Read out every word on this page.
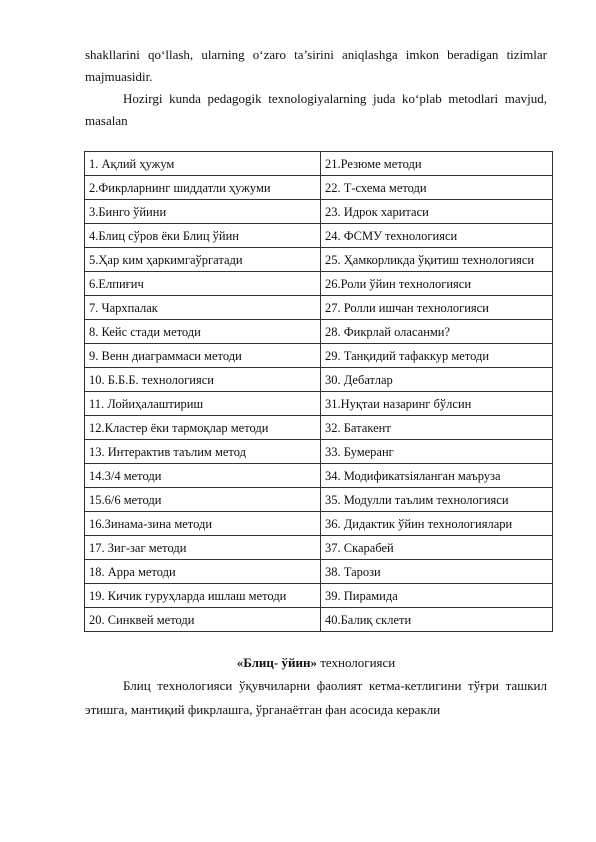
shakllarini qo‘llash, ularning o‘zaro ta’sirini aniqlashga imkon beradigan tizimlar majmuasidir.

Hozirgi kunda pedagogik texnologiyalarning juda ko‘plab metodlari mavjud, masalan

1. Ақлий ҳужум	21.Резюме методи
2.Фикрларнинг шиддатли ҳужуми	22. Т-схема методи
3.Бинго ўйини	23. Идрок харитаси
4.Блиц сўров ёки Блиц ўйин	24. ФСМУ технологияси
5.Ҳар ким ҳаркимгаўргатади	25. Ҳамкорликда ўқитиш технологияси
6.Елпиғич	26.Роли ўйин технологияси
7. Чархпалак	27. Ролли ишчан технологияси
8. Кейс стади методи	28. Фикрлай оласанми?
9. Венн диаграммаси методи	29. Танқидий тафаккур методи
10. Б.Б.Б. технологияси	30. Дебатлар
11. Лойиҳалаштириш	31.Нуқтаи назаринг бўлсин
12.Кластер ёки тармоқлар методи	32. Батакент
13. Интерактив таълим метод	33. Бумеранг
14.3/4 методи	34. Модификатsiяланган маъруза
15.6/6 методи	35. Модулли таълим технологияси
16.Зинама-зина методи	36. Дидактик ўйин технологиялари
17. Зиг-заг методи	37. Скарабей
18. Арра методи	38. Тарози
19. Кичик гуруҳларда ишлаш методи	39. Пирамида
20. Синквей методи	40.Балиқ склети
«Блиц- ўйин» технологияси

Блиц технологияси ўқувчиларни фаолият кетма-кетлигини тўғри ташкил этишга, мантиқий фикрлашга, ўрганаётган фан асосида керакли
